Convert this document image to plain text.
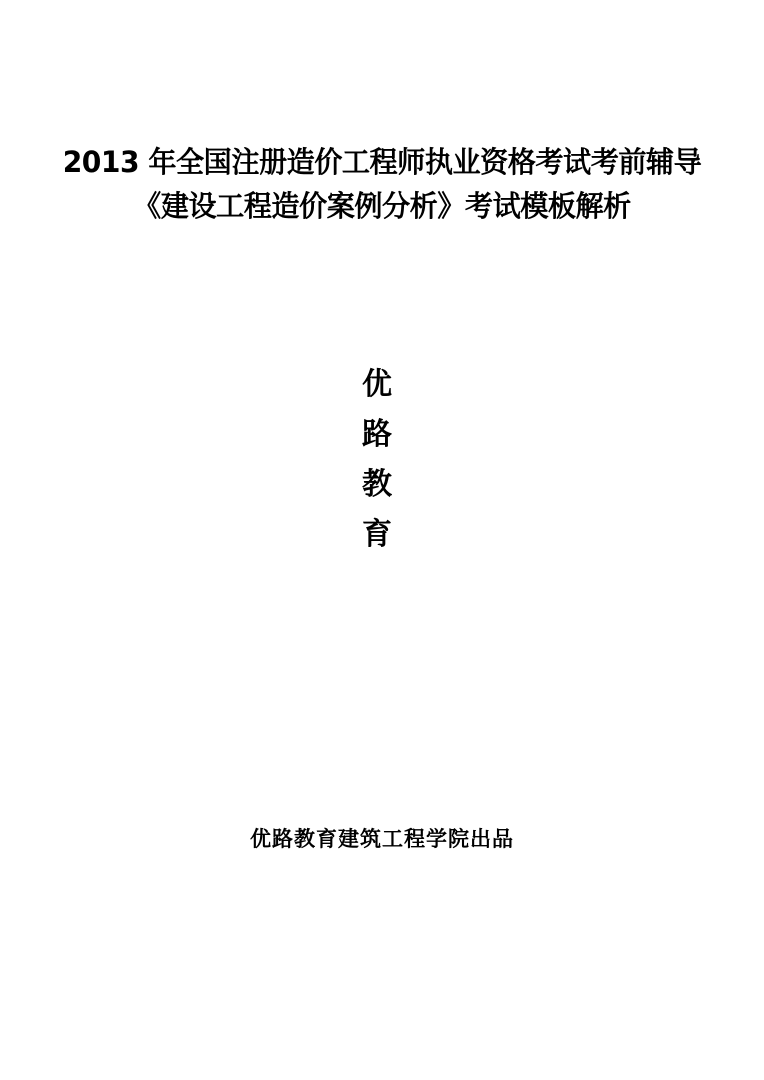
2013 年全国注册造价工程师执业资格考试考前辅导
《建设工程造价案例分析》考试模板解析
优
路
教
育
优路教育建筑工程学院出品
